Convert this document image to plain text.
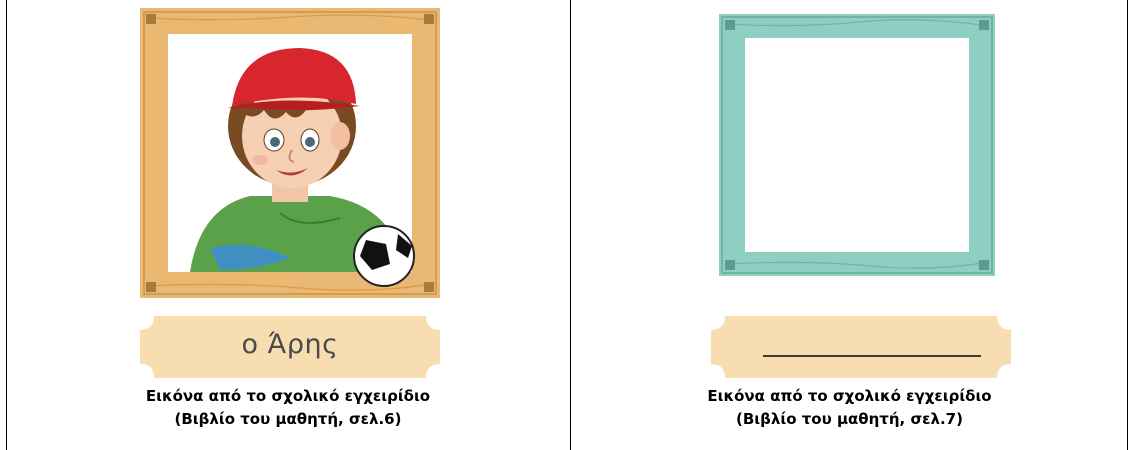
ο Άρης
Εικόνα από το σχολικό εγχειρίδιο
(Βιβλίο του μαθητή, σελ.6)
Εικόνα από το σχολικό εγχειρίδιο
(Βιβλίο του μαθητή, σελ.7)
